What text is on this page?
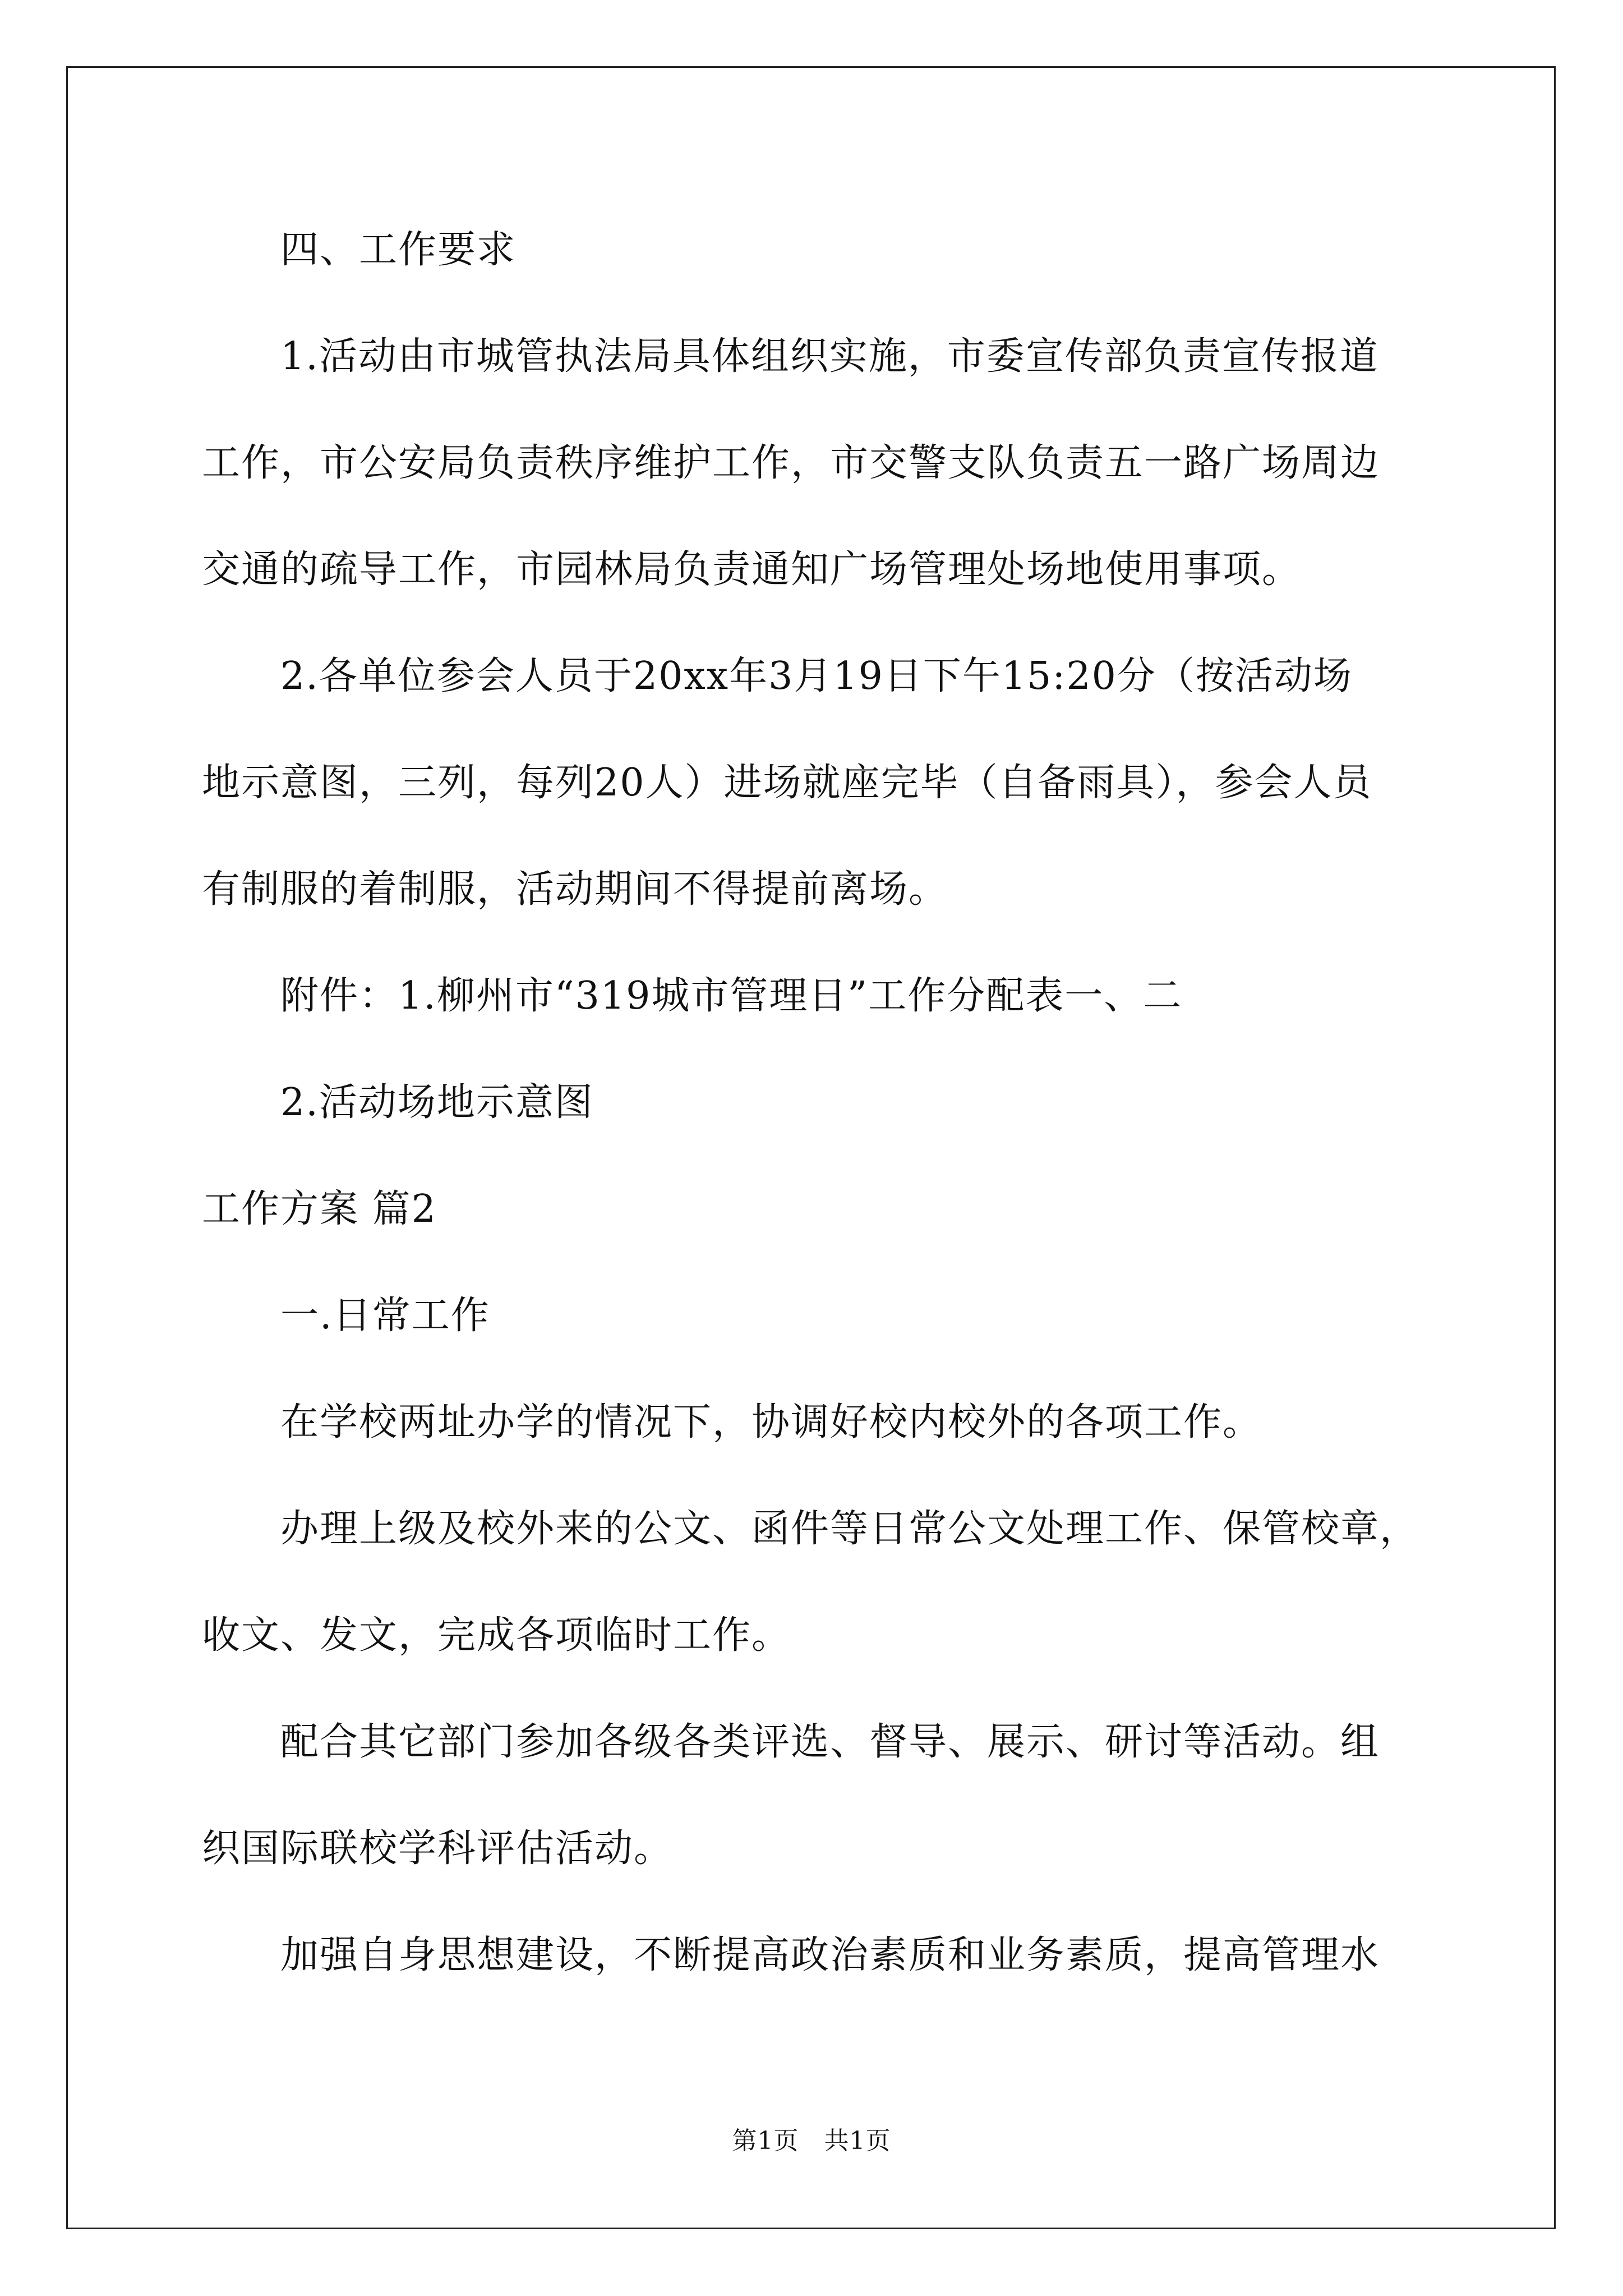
四、工作要求
1.活动由市城管执法局具体组织实施，市委宣传部负责宣传报道
工作，市公安局负责秩序维护工作，市交警支队负责五一路广场周边
交通的疏导工作，市园林局负责通知广场管理处场地使用事项。
2.各单位参会人员于20xx年3月19日下午15:20分（按活动场
地示意图，三列，每列20人）进场就座完毕（自备雨具），参会人员
有制服的着制服，活动期间不得提前离场。
附件：1.柳州市“319城市管理日”工作分配表一、二
2.活动场地示意图
工作方案 篇2
一.日常工作
在学校两址办学的情况下，协调好校内校外的各项工作。
办理上级及校外来的公文、函件等日常公文处理工作、保管校章，
收文、发文，完成各项临时工作。
配合其它部门参加各级各类评选、督导、展示、研讨等活动。组
织国际联校学科评估活动。
加强自身思想建设，不断提高政治素质和业务素质，提高管理水
第1页　共1页
